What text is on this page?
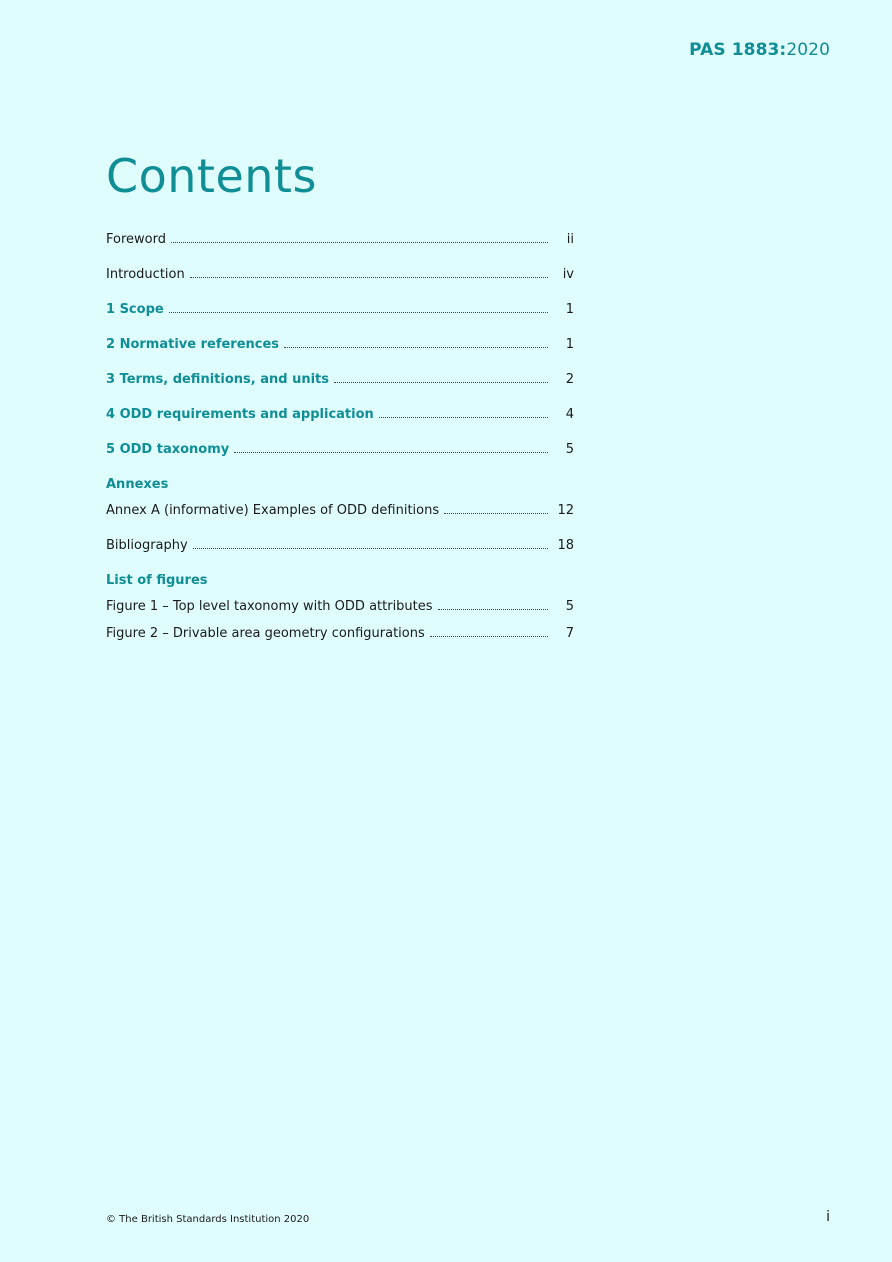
PAS 1883:2020
Contents
Foreword	ii
Introduction	iv
1 Scope	1
2 Normative references	1
3 Terms, definitions, and units	2
4 ODD requirements and application	4
5 ODD taxonomy	5
Annexes
Annex A (informative) Examples of ODD definitions	12
Bibliography	18
List of figures
Figure 1 – Top level taxonomy with ODD attributes	5
Figure 2 – Drivable area geometry configurations	7
© The British Standards Institution 2020	i
